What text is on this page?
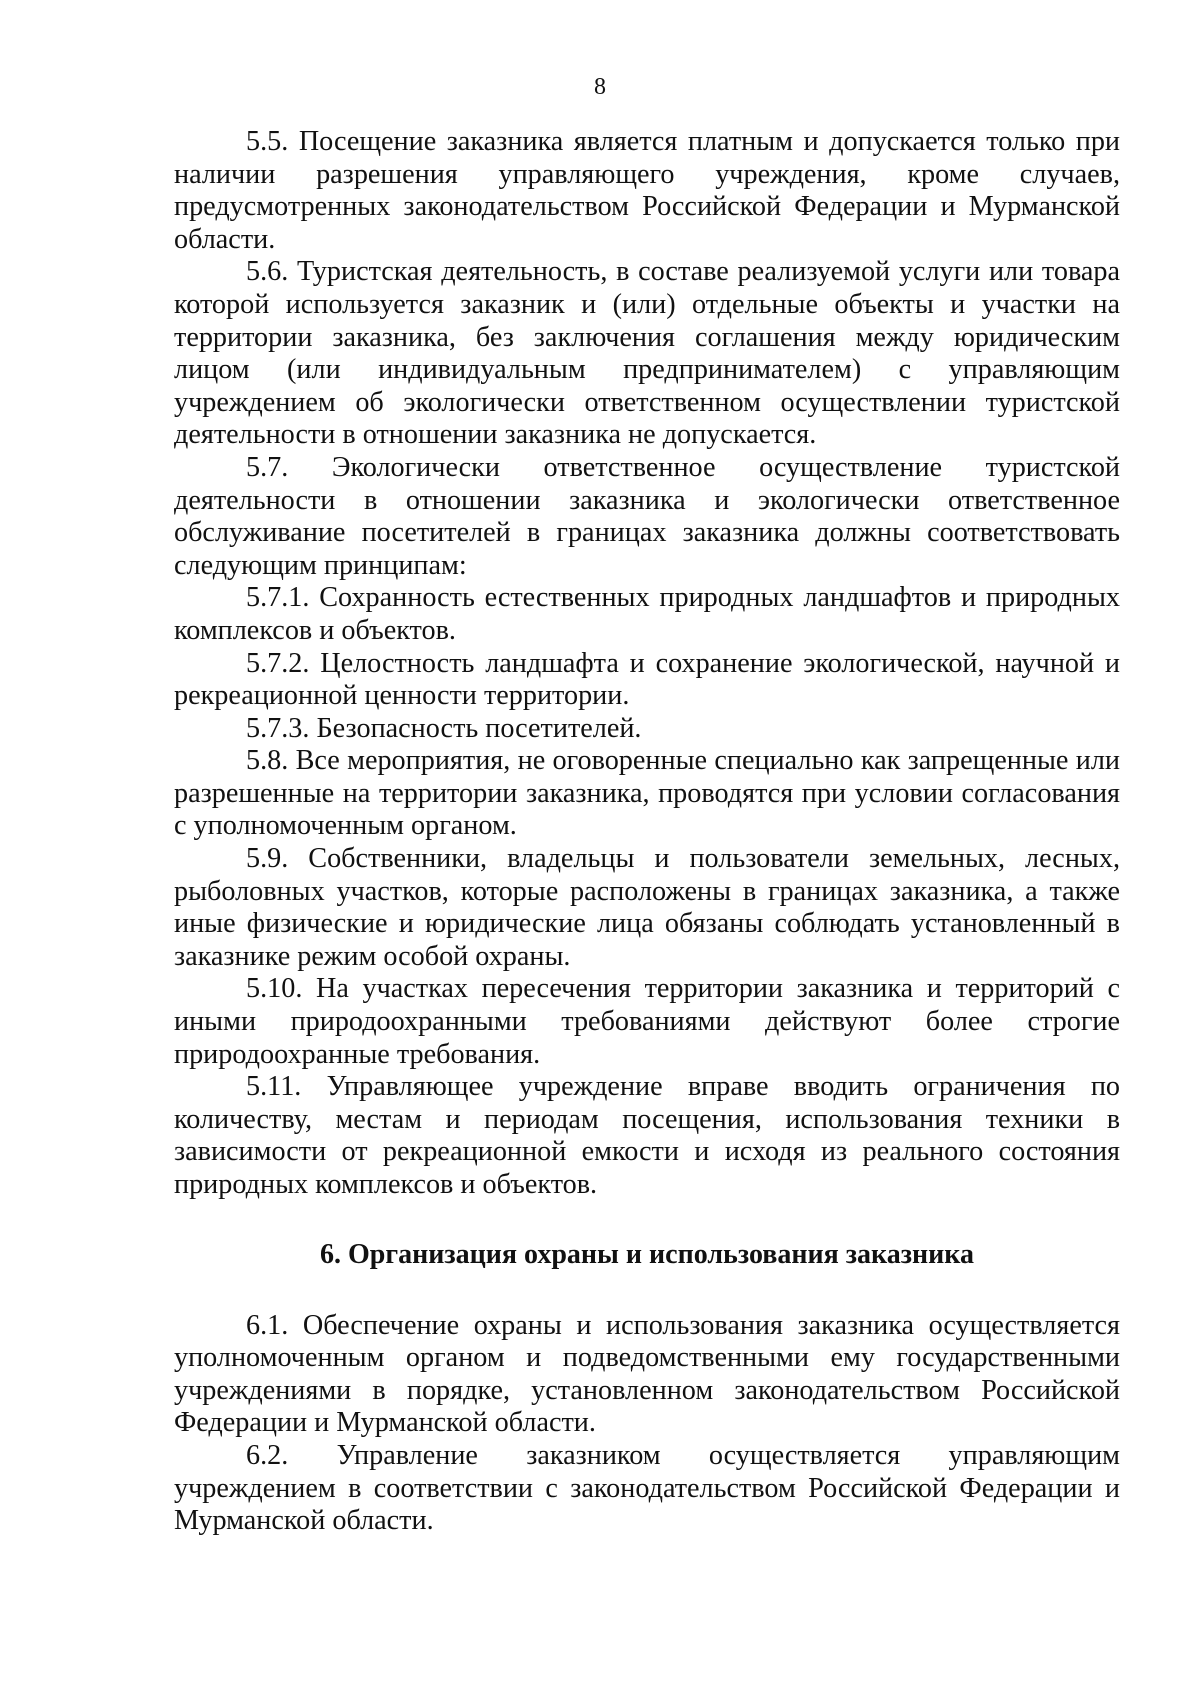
8

5.5. Посещение заказника является платным и допускается только при наличии разрешения управляющего учреждения, кроме случаев, предусмотренных законодательством Российской Федерации и Мурманской области.

5.6. Туристская деятельность, в составе реализуемой услуги или товара которой используется заказник и (или) отдельные объекты и участки на территории заказника, без заключения соглашения между юридическим лицом (или индивидуальным предпринимателем) с управляющим учреждением об экологически ответственном осуществлении туристской деятельности в отношении заказника не допускается.

5.7. Экологически ответственное осуществление туристской деятельности в отношении заказника и экологически ответственное обслуживание посетителей в границах заказника должны соответствовать следующим принципам:

5.7.1. Сохранность естественных природных ландшафтов и природных комплексов и объектов.

5.7.2. Целостность ландшафта и сохранение экологической, научной и рекреационной ценности территории.

5.7.3. Безопасность посетителей.

5.8. Все мероприятия, не оговоренные специально как запрещенные или разрешенные на территории заказника, проводятся при условии согласования с уполномоченным органом.

5.9. Собственники, владельцы и пользователи земельных, лесных, рыболовных участков, которые расположены в границах заказника, а также иные физические и юридические лица обязаны соблюдать установленный в заказнике режим особой охраны.

5.10. На участках пересечения территории заказника и территорий с иными природоохранными требованиями действуют более строгие природоохранные требования.

5.11. Управляющее учреждение вправе вводить ограничения по количеству, местам и периодам посещения, использования техники в зависимости от рекреационной емкости и исходя из реального состояния природных комплексов и объектов.

6. Организация охраны и использования заказника

6.1. Обеспечение охраны и использования заказника осуществляется уполномоченным органом и подведомственными ему государственными учреждениями в порядке, установленном законодательством Российской Федерации и Мурманской области.

6.2. Управление заказником осуществляется управляющим учреждением в соответствии с законодательством Российской Федерации и Мурманской области.
